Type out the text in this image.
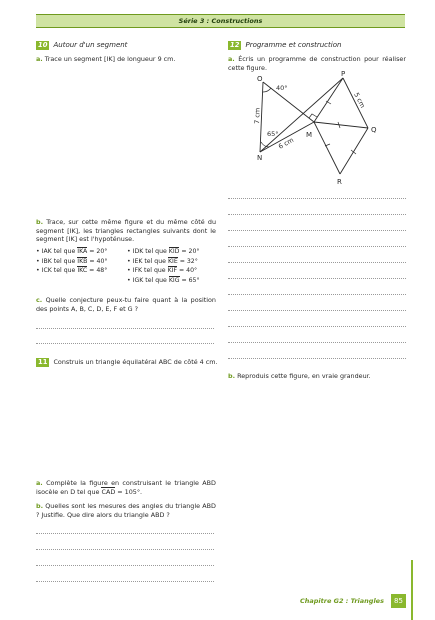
Série 3 : Constructions
10 Autour d'un segment
a. Trace un segment [IK] de longueur 9 cm.
b. Trace, sur cette même figure et du même côté du segment [IK], les triangles rectangles suivants dont le segment [IK] est l'hypoténuse.
• IAK tel que IKA = 20°
• IBK tel que IKB = 40°
• ICK tel que IKC = 48°
• IDK tel que KID = 20°
• IEK tel que KIE = 32°
• IFK tel que KIF = 40°
• IGK tel que KIG = 65°
c. Quelle conjecture peux-tu faire quant à la position des points A, B, C, D, E, F et G ?
11 Construis un triangle équilatéral ABC de côté 4 cm.
a. Complète la figure en construisant le triangle ABD isocèle en D tel que CAD = 105°.
b. Quelles sont les mesures des angles du triangle ABD ? Justifie. Que dire alors du triangle ABD ?
12 Programme et construction
a. Écris un programme de construction pour réaliser cette figure.
O
P
Q
R
N
M
40°
65°
7 cm
6 cm
5 cm
b. Reproduis cette figure, en vraie grandeur.
Chapitre G2 : Triangles	85
